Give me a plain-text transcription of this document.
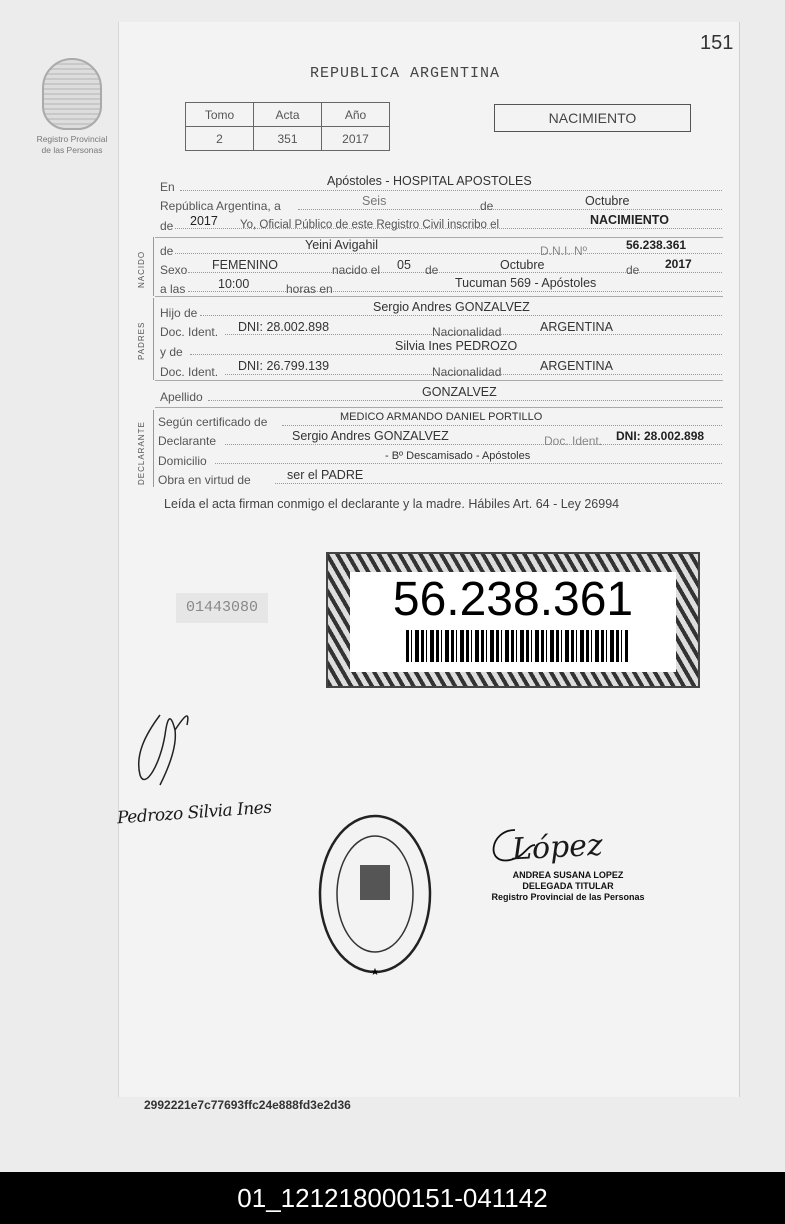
151
Registro Provincial
de las Personas
REPUBLICA ARGENTINA
Tomo	Acta	Año
2	351	2017
NACIMIENTO
NACIDO
PADRES
DECLARANTE
En	Apóstoles - HOSPITAL APOSTOLES
República Argentina, a	Seis	de	Octubre
de 2017 Yo, Oficial Público de este Registro Civil inscribo el	NACIMIENTO
de	Yeini Avigahil	D.N.I. Nº	56.238.361
Sexo FEMENINO	nacido el 05 de	Octubre	de 2017
a las	10:00	horas en	Tucuman 569 - Apóstoles
Hijo de	Sergio Andres GONZALVEZ
Doc. Ident. DNI: 28.002.898	Nacionalidad	ARGENTINA
y de	Silvia Ines PEDROZO
Doc. Ident. DNI: 26.799.139	Nacionalidad	ARGENTINA
Apellido	GONZALVEZ
Según certificado de	MEDICO ARMANDO DANIEL PORTILLO
Declarante	Sergio Andres GONZALVEZ	Doc. Ident. DNI: 28.002.898
Domicilio	- Bº Descamisado - Apóstoles
Obra en virtud de	ser el PADRE
Leída el acta firman conmigo el declarante y la madre. Hábiles Art. 64 - Ley 26994
01443080	56.238.361
Pedrozo Silvia Ines
★
López
ANDREA SUSANA LOPEZ
DELEGADA TITULAR
Registro Provincial de las Personas
2992221e7c77693ffc24e888fd3e2d36
01_121218000151-041142
